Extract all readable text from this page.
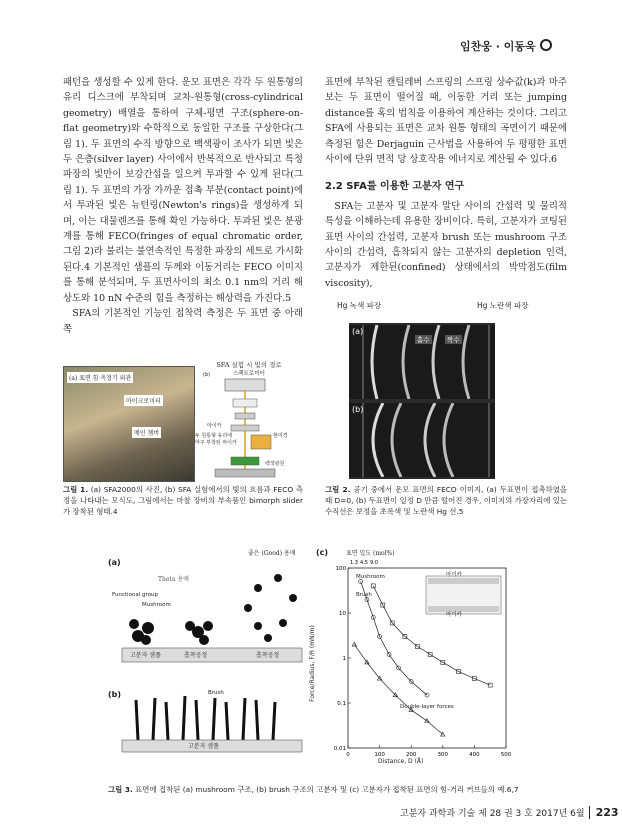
임찬웅 · 이동욱

패턴을 생성할 수 있게 한다. 운모 표면은 각각 두 원통형의 유리 디스크에 부착되며 교차-원통형(cross-cylindrical geometry) 배열을 통하여 구체-평면 구조(sphere-on-flat geometry)와 수학적으로 동일한 구조를 구상한다(그림 1). 두 표면의 수직 방향으로 백색광이 조사가 되면 빛은 두 은층(silver layer) 사이에서 반복적으로 반사되고 특정파장의 빛만이 보강간섭을 일으켜 투과할 수 있게 된다(그림 1). 두 표면의 가장 가까운 접촉 부분(contact point)에서 투과된 빛은 뉴턴링(Newton's rings)을 생성하게 되며, 이는 대물렌즈를 통해 확인 가능하다. 투과된 빛은 분광계를 통해 FECO(fringes of equal chromatic order, 그림 2)라 불리는 불연속적인 특정한 파장의 세트로 가시화 된다.4 기본적인 샘플의 두께와 이동거리는 FECO 이미지를 통해 분석되며, 두 표면사이의 최소 0.1 nm의 거리 해상도와 10 nN 수준의 힘을 측정하는 해상력을 가진다.5

SFA의 기본적인 기능인 접착력 측정은 두 표면 중 아래쪽

표면에 부착된 캔틸레버 스프링의 스프링 상수값(k)과 마주보는 두 표면이 떨어질 때, 이동한 거리 또는 jumping distance를 혹의 법칙을 이용하여 계산하는 것이다. 그리고 SFA에 사용되는 표면은 교차 원통 형태의 곡면이기 때문에 측정된 힘은 Derjaguin 근사법을 사용하여 두 평평한 표면 사이에 단위 면적 당 상호작용 에너지로 계산될 수 있다.6

2.2 SFA를 이용한 고분자 연구

SFA는 고분자 및 고분자 말단 사이의 간섭력 및 물리적 특성을 이해하는데 유용한 장비이다. 특히, 고분자가 코팅된 표면 사이의 간섭력, 고분자 brush 또는 mushroom 구조 사이의 간섭력, 흡착되지 않는 고분자의 depletion 인력, 고분자가 제한된(confined) 상태에서의 박막점도(film viscosity),

(a) 표면 힘 측정기 외관
마이크로미터
메인 챔버
SFA 실험 시 빛의 경로
스펙트로미터
(b)
마이카
두 원통형 유리에
마주 부착된 마이카
현미경
백색광원
그림 1. (a) SFA2000의 사진, (b) SFA 실험에서의 빛의 흐름과 FECO 측정을 나타내는 모식도, 그림에서는 마찰 장비의 부속품인 bimorph slider가 장착된 형태.4
Hg 녹색 파장	Hg 노란색 파장
(a)
홀수	짝수
(b)
그림 2. 공기 중에서 운모 표면의 FECO 이미지, (a) 두표면이 접촉하였을 때 D=0, (b) 두표면이 일정 D 만큼 떨어진 경우, 이미지의 가장자리에 있는 수직선은 보정을 초록색 및 노란색 Hg 선.5
(a)
좋은 (Good) 용매
Theta 용매
Functional group
Mushroom
고분자 샘플	흡착공정	흡착공정
(b)	Brush
고분자 샘플
(c)	표면 밀도 (mol%)
0	100	200	300	400	500
100
10
1
0.1
0.01
1.3 4.5 9.0
Distance, D (Å)
Force/Radius, F/R (mN/m)
Mushroom
Brush
Double-layer forces
마이카
마이카
그림 3. 표면에 접착된 (a) mushroom 구조, (b) brush 구조의 고분자 및 (c) 고분자가 접착된 표면의 힘-거리 커브들의 예.6,7
고분자 과학과 기술 제 28 권 3 호 2017년 6월 223
